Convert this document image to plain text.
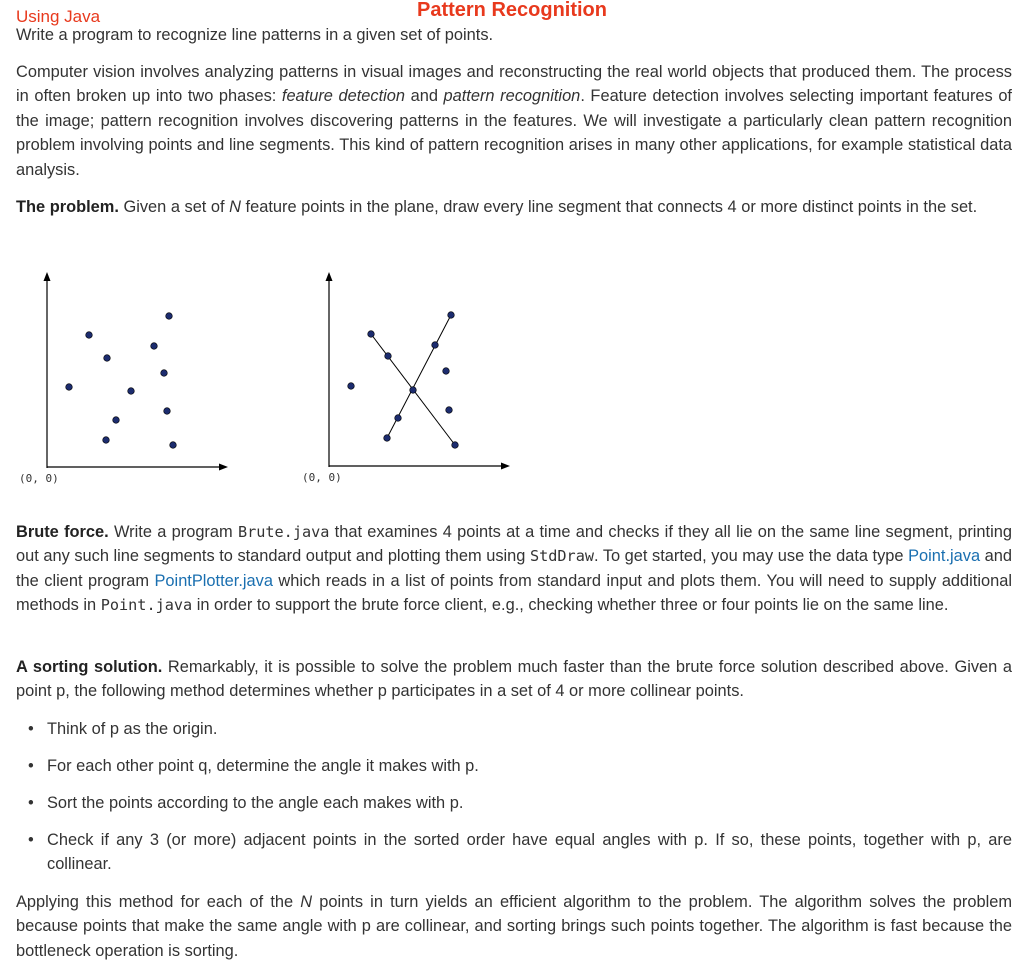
Pattern Recognition
Using Java

Write a program to recognize line patterns in a given set of points.

Computer vision involves analyzing patterns in visual images and reconstructing the real world objects that produced them. The process in often broken up into two phases: feature detection and pattern recognition. Feature detection involves selecting important features of the image; pattern recognition involves discovering patterns in the features. We will investigate a particularly clean pattern recognition problem involving points and line segments. This kind of pattern recognition arises in many other applications, for example statistical data analysis.

The problem. Given a set of N feature points in the plane, draw every line segment that connects 4 or more distinct points in the set.

(0, 0)	(0, 0)

Brute force. Write a program Brute.java that examines 4 points at a time and checks if they all lie on the same line segment, printing out any such line segments to standard output and plotting them using StdDraw. To get started, you may use the data type Point.java and the client program PointPlotter.java which reads in a list of points from standard input and plots them. You will need to supply additional methods in Point.java in order to support the brute force client, e.g., checking whether three or four points lie on the same line.

A sorting solution. Remarkably, it is possible to solve the problem much faster than the brute force solution described above. Given a point p, the following method determines whether p participates in a set of 4 or more collinear points.

• Think of p as the origin.
• For each other point q, determine the angle it makes with p.
• Sort the points according to the angle each makes with p.
• Check if any 3 (or more) adjacent points in the sorted order have equal angles with p. If so, these points, together with p, are collinear.

Applying this method for each of the N points in turn yields an efficient algorithm to the problem. The algorithm solves the problem because points that make the same angle with p are collinear, and sorting brings such points together. The algorithm is fast because the bottleneck operation is sorting.
